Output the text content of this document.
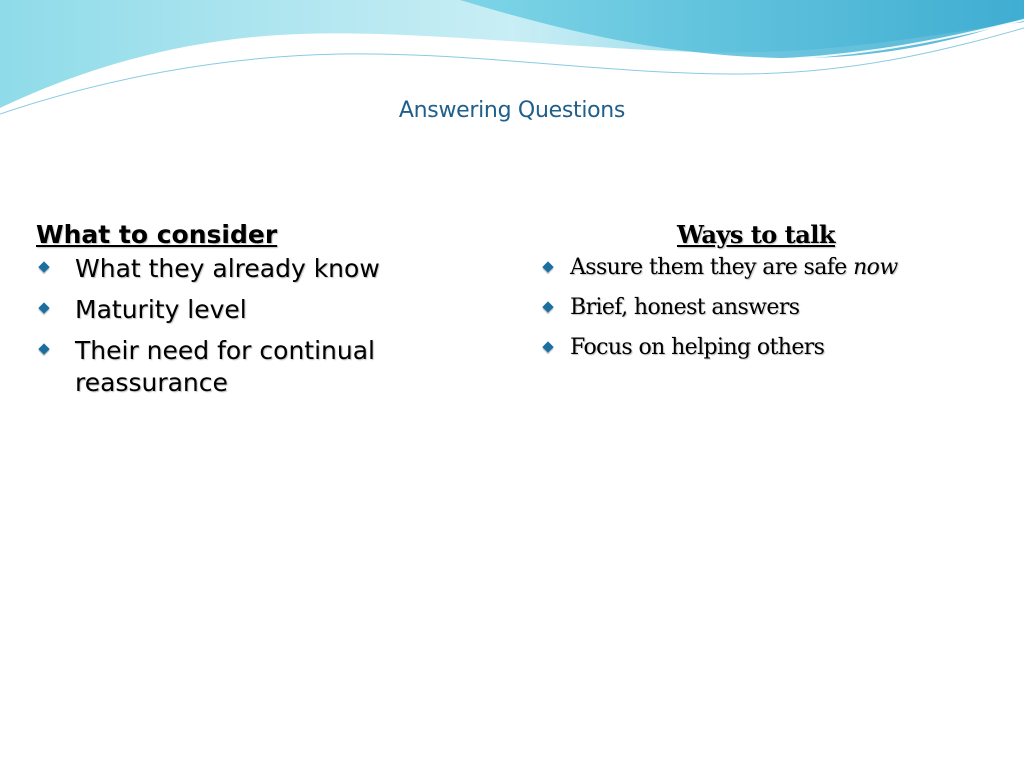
Answering Questions
What to consider
What they already know
Maturity level
Their need for continual reassurance
Ways to talk
Assure them they are safe now
Brief, honest answers
Focus on helping others
